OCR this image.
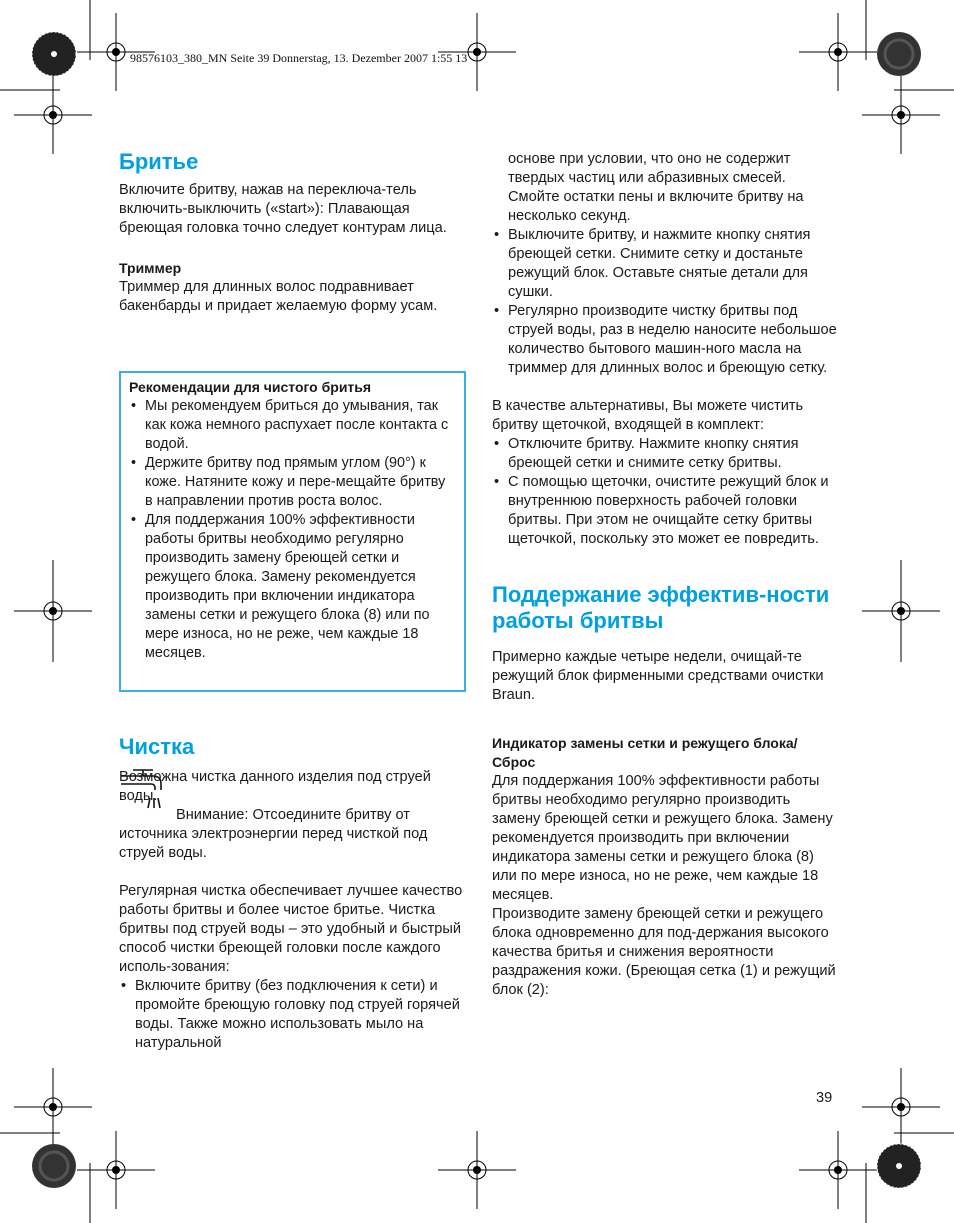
98576103_380_MN Seite 39 Donnerstag, 13. Dezember 2007 1:55 13
Бритье

Включите бритву, нажав на переключа-тель включить-выключить («start»): Плавающая бреющая головка точно следует контурам лица.

Триммер

Триммер для длинных волос подравнивает бакенбарды и придает желаемую форму усам.

Рекомендации для чистого бритья

• Мы рекомендуем бриться до умывания, так как кожа немного распухает после контакта с водой.
• Держите бритву под прямым углом (90°) к коже. Натяните кожу и пере-мещайте бритву в направлении против роста волос.
• Для поддержания 100% эффективности работы бритвы необходимо регулярно производить замену бреющей сетки и режущего блока. Замену рекомендуется производить при включении индикатора замены сетки и режущего блока (8) или по мере износа, но не реже, чем каждые 18 месяцев.
Чистка

Возможна чистка данного изделия под струей воды.

Внимание: Отсоедините бритву от источника электроэнергии перед чисткой под струей воды.

Регулярная чистка обеспечивает лучшее качество работы бритвы и более чистое бритье. Чистка бритвы под струей воды – это удобный и быстрый способ чистки бреющей головки после каждого исполь-зования:

• Включите бритву (без подключения к сети) и промойте бреющую головку под струей горячей воды. Также можно использовать мыло на натуральной

основе при условии, что оно не содержит твердых частиц или абразивных смесей. Смойте остатки пены и включите бритву на несколько секунд.

• Выключите бритву, и нажмите кнопку снятия бреющей сетки. Снимите сетку и достаньте режущий блок. Оставьте снятые детали для сушки.
• Регулярно производите чистку бритвы под струей воды, раз в неделю наносите небольшое количество бытового машин-ного масла на триммер для длинных волос и бреющую сетку.

В качестве альтернативы, Вы можете чистить бритву щеточкой, входящей в комплект:

• Отключите бритву. Нажмите кнопку снятия бреющей сетки и снимите сетку бритвы.
• С помощью щеточки, очистите режущий блок и внутреннюю поверхность рабочей головки бритвы. При этом не очищайте сетку бритвы щеточкой, поскольку это может ее повредить.
Поддержание эффектив-ности работы бритвы

Примерно каждые четыре недели, очищай-те режущий блок фирменными средствами очистки Braun.

Индикатор замены сетки и режущего блока/Сброс

Для поддержания 100% эффективности работы бритвы необходимо регулярно производить замену бреющей сетки и режущего блока. Замену рекомендуется производить при включении индикатора замены сетки и режущего блока (8) или по мере износа, но не реже, чем каждые 18 месяцев.

Производите замену бреющей сетки и режущего блока одновременно для под-держания высокого качества бритья и снижения вероятности раздражения кожи. (Бреющая сетка (1) и режущий блок (2):

39
